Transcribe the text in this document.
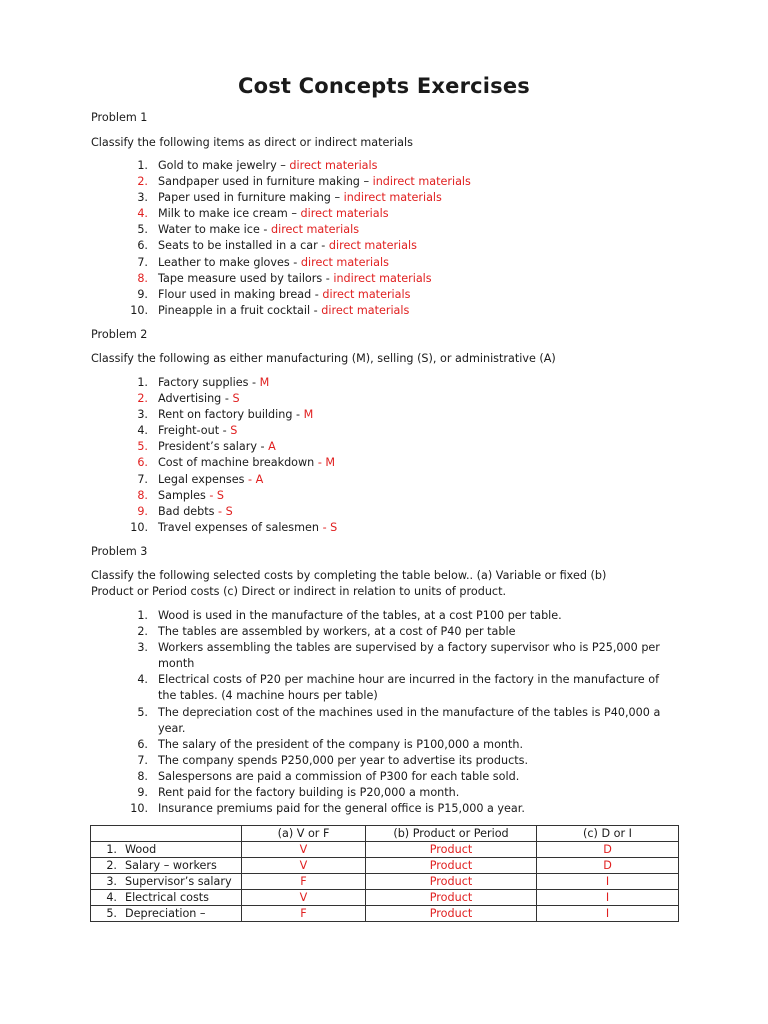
Cost Concepts Exercises
Problem 1
Classify the following items as direct or indirect materials
1. Gold to make jewelry – direct materials
2. Sandpaper used in furniture making – indirect materials
3. Paper used in furniture making – indirect materials
4. Milk to make ice cream – direct materials
5. Water to make ice - direct materials
6. Seats to be installed in a car - direct materials
7. Leather to make gloves - direct materials
8. Tape measure used by tailors - indirect materials
9. Flour used in making bread - direct materials
10. Pineapple in a fruit cocktail - direct materials
Problem 2
Classify the following as either manufacturing (M), selling (S), or administrative (A)
1. Factory supplies - M
2. Advertising - S
3. Rent on factory building - M
4. Freight-out - S
5. President’s salary - A
6. Cost of machine breakdown - M
7. Legal expenses - A
8. Samples - S
9. Bad debts - S
10. Travel expenses of salesmen - S
Problem 3
Classify the following selected costs by completing the table below.. (a) Variable or fixed (b)
Product or Period costs (c) Direct or indirect in relation to units of product.
1. Wood is used in the manufacture of the tables, at a cost P100 per table.
2. The tables are assembled by workers, at a cost of P40 per table
3. Workers assembling the tables are supervised by a factory supervisor who is P25,000 per month
4. Electrical costs of P20 per machine hour are incurred in the factory in the manufacture of the tables. (4 machine hours per table)
5. The depreciation cost of the machines used in the manufacture of the tables is P40,000 a year.
6. The salary of the president of the company is P100,000 a month.
7. The company spends P250,000 per year to advertise its products.
8. Salespersons are paid a commission of P300 for each table sold.
9. Rent paid for the factory building is P20,000 a month.
10. Insurance premiums paid for the general office is P15,000 a year.
	(a) V or F	(b) Product or Period	(c) D or I
1. Wood	V	Product	D
2. Salary – workers	V	Product	D
3. Supervisor’s salary	F	Product	I
4. Electrical costs	V	Product	I
5. Depreciation –	F	Product	I
